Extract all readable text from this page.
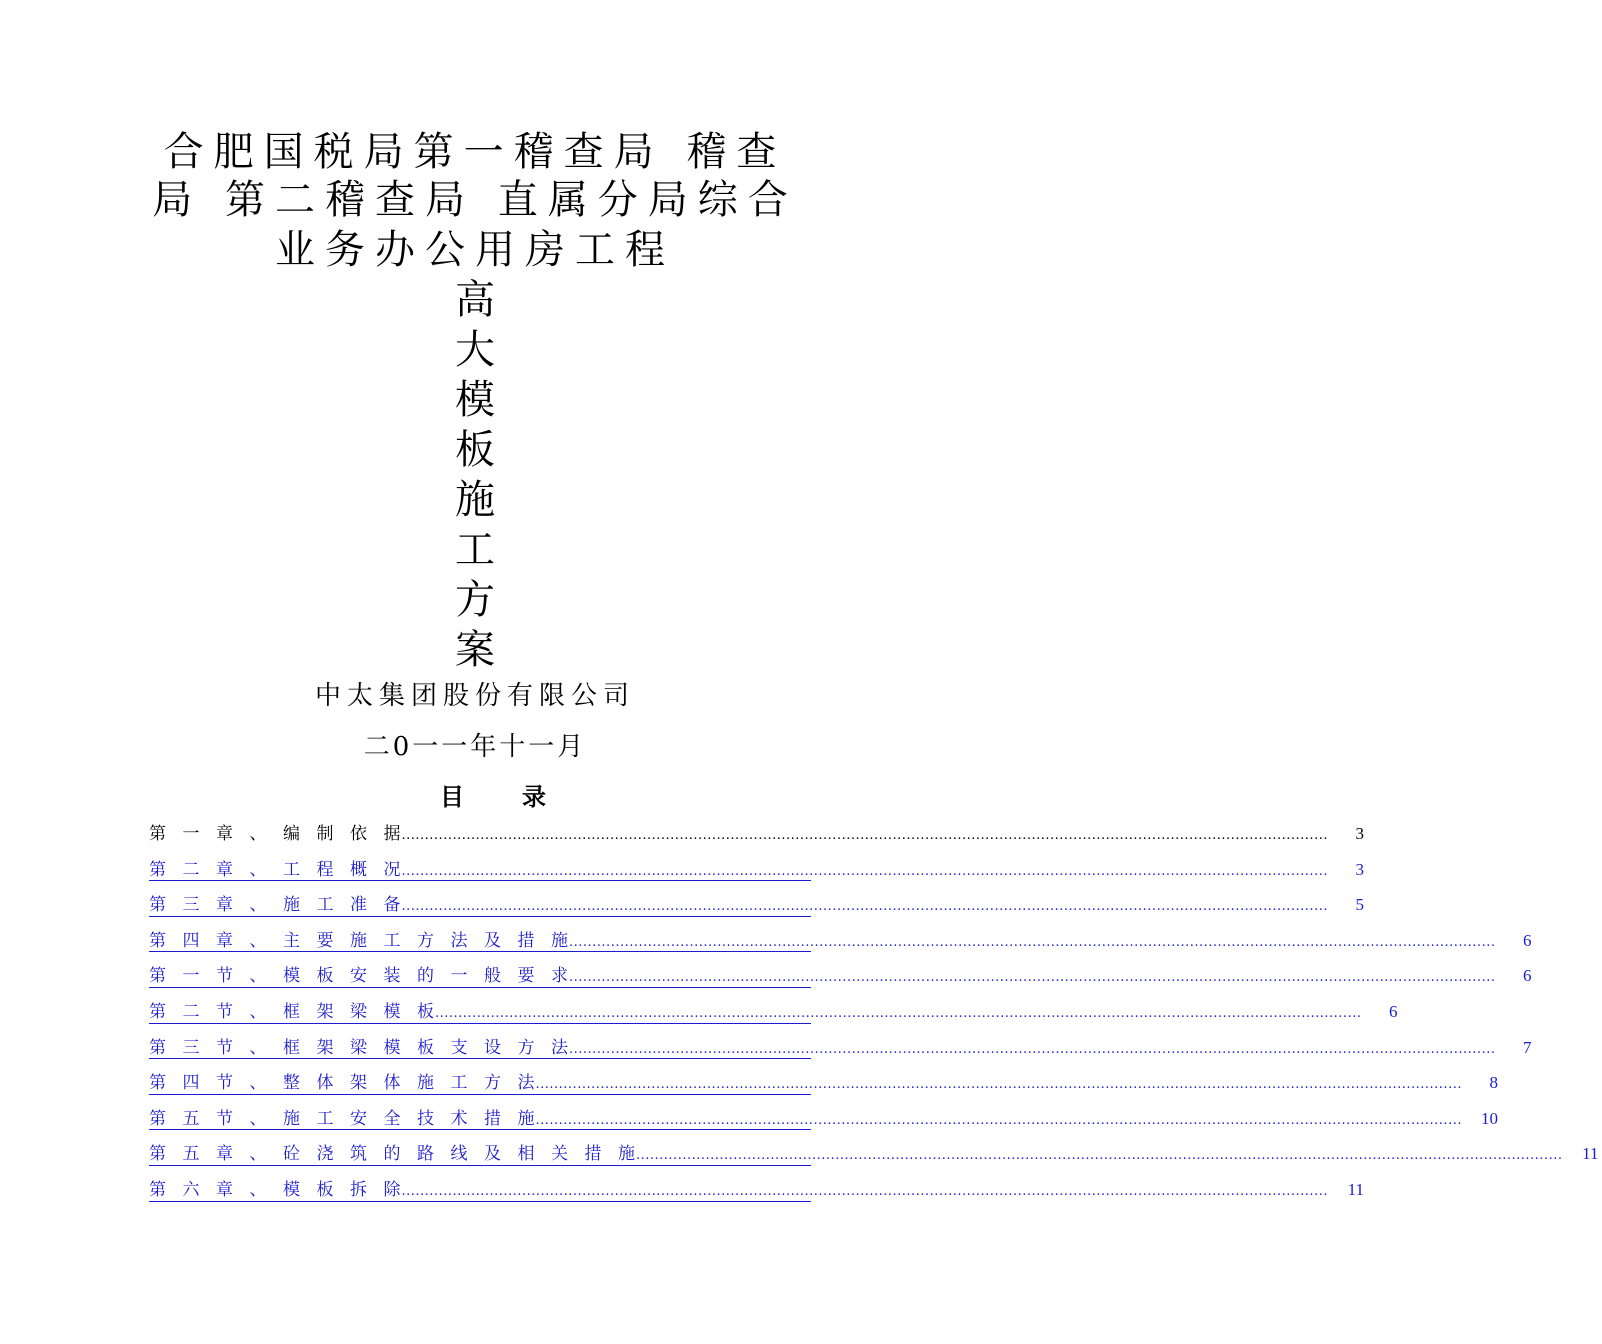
合肥国税局第一稽查局 稽查
局 第二稽查局 直属分局综合
业务办公用房工程
高
大
模
板
施
工
方
案
中太集团股份有限公司
二0一一年十一月
目 录
第 一 章 、 编 制 依 据 ........................................................................................................................................................................................................	3
第 二 章 、 工 程 概 况 ........................................................................................................................................................................................................	3
第 三 章 、 施 工 准 备 ........................................................................................................................................................................................................	5
第 四 章 、 主 要 施 工 方 法 及 措 施 ........................................................................................................................................................................................................	6
第 一 节 、 模 板 安 装 的 一 般 要 求 ........................................................................................................................................................................................................	6
第 二 节 、 框 架 梁 模 板 ........................................................................................................................................................................................................	6
第 三 节 、 框 架 梁 模 板 支 设 方 法 ........................................................................................................................................................................................................	7
第 四 节 、 整 体 架 体 施 工 方 法 ........................................................................................................................................................................................................	8
第 五 节 、 施 工 安 全 技 术 措 施 ........................................................................................................................................................................................................	10
第 五 章 、 砼 浇 筑 的 路 线 及 相 关 措 施 ........................................................................................................................................................................................................	11
第 六 章 、 模 板 拆 除 ........................................................................................................................................................................................................	11
